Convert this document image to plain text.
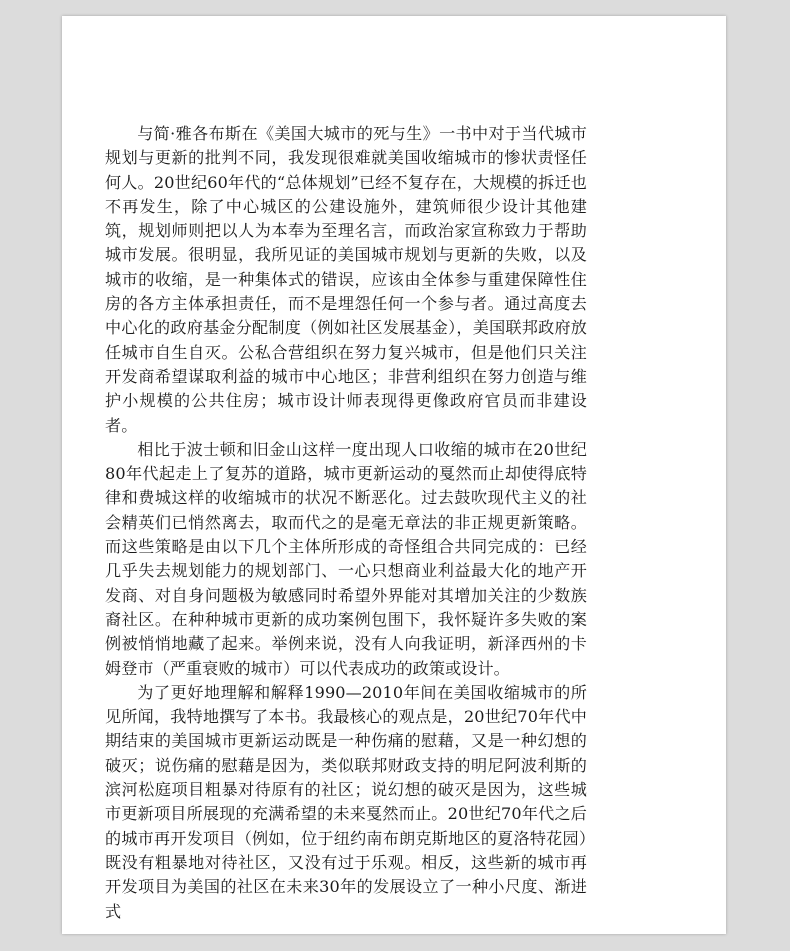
与简·雅各布斯在《美国大城市的死与生》一书中对于当代城市规划与更新的批判不同，我发现很难就美国收缩城市的惨状责怪任何人。20世纪60年代的“总体规划”已经不复存在，大规模的拆迁也不再发生，除了中心城区的公建设施外，建筑师很少设计其他建筑，规划师则把以人为本奉为至理名言，而政治家宣称致力于帮助城市发展。很明显，我所见证的美国城市规划与更新的失败，以及城市的收缩，是一种集体式的错误，应该由全体参与重建保障性住房的各方主体承担责任，而不是埋怨任何一个参与者。通过高度去中心化的政府基金分配制度（例如社区发展基金），美国联邦政府放任城市自生自灭。公私合营组织在努力复兴城市，但是他们只关注开发商希望谋取利益的城市中心地区；非营利组织在努力创造与维护小规模的公共住房；城市设计师表现得更像政府官员而非建设者。

相比于波士顿和旧金山这样一度出现人口收缩的城市在20世纪80年代起走上了复苏的道路，城市更新运动的戛然而止却使得底特律和费城这样的收缩城市的状况不断恶化。过去鼓吹现代主义的社会精英们已悄然离去，取而代之的是毫无章法的非正规更新策略。而这些策略是由以下几个主体所形成的奇怪组合共同完成的：已经几乎失去规划能力的规划部门、一心只想商业利益最大化的地产开发商、对自身问题极为敏感同时希望外界能对其增加关注的少数族裔社区。在种种城市更新的成功案例包围下，我怀疑许多失败的案例被悄悄地藏了起来。举例来说，没有人向我证明，新泽西州的卡姆登市（严重衰败的城市）可以代表成功的政策或设计。

为了更好地理解和解释1990—2010年间在美国收缩城市的所见所闻，我特地撰写了本书。我最核心的观点是，20世纪70年代中期结束的美国城市更新运动既是一种伤痛的慰藉，又是一种幻想的破灭；说伤痛的慰藉是因为，类似联邦财政支持的明尼阿波利斯的滨河松庭项目粗暴对待原有的社区；说幻想的破灭是因为，这些城市更新项目所展现的充满希望的未来戛然而止。20世纪70年代之后的城市再开发项目（例如，位于纽约南布朗克斯地区的夏洛特花园）既没有粗暴地对待社区，又没有过于乐观。相反，这些新的城市再开发项目为美国的社区在未来30年的发展设立了一种小尺度、渐进式
